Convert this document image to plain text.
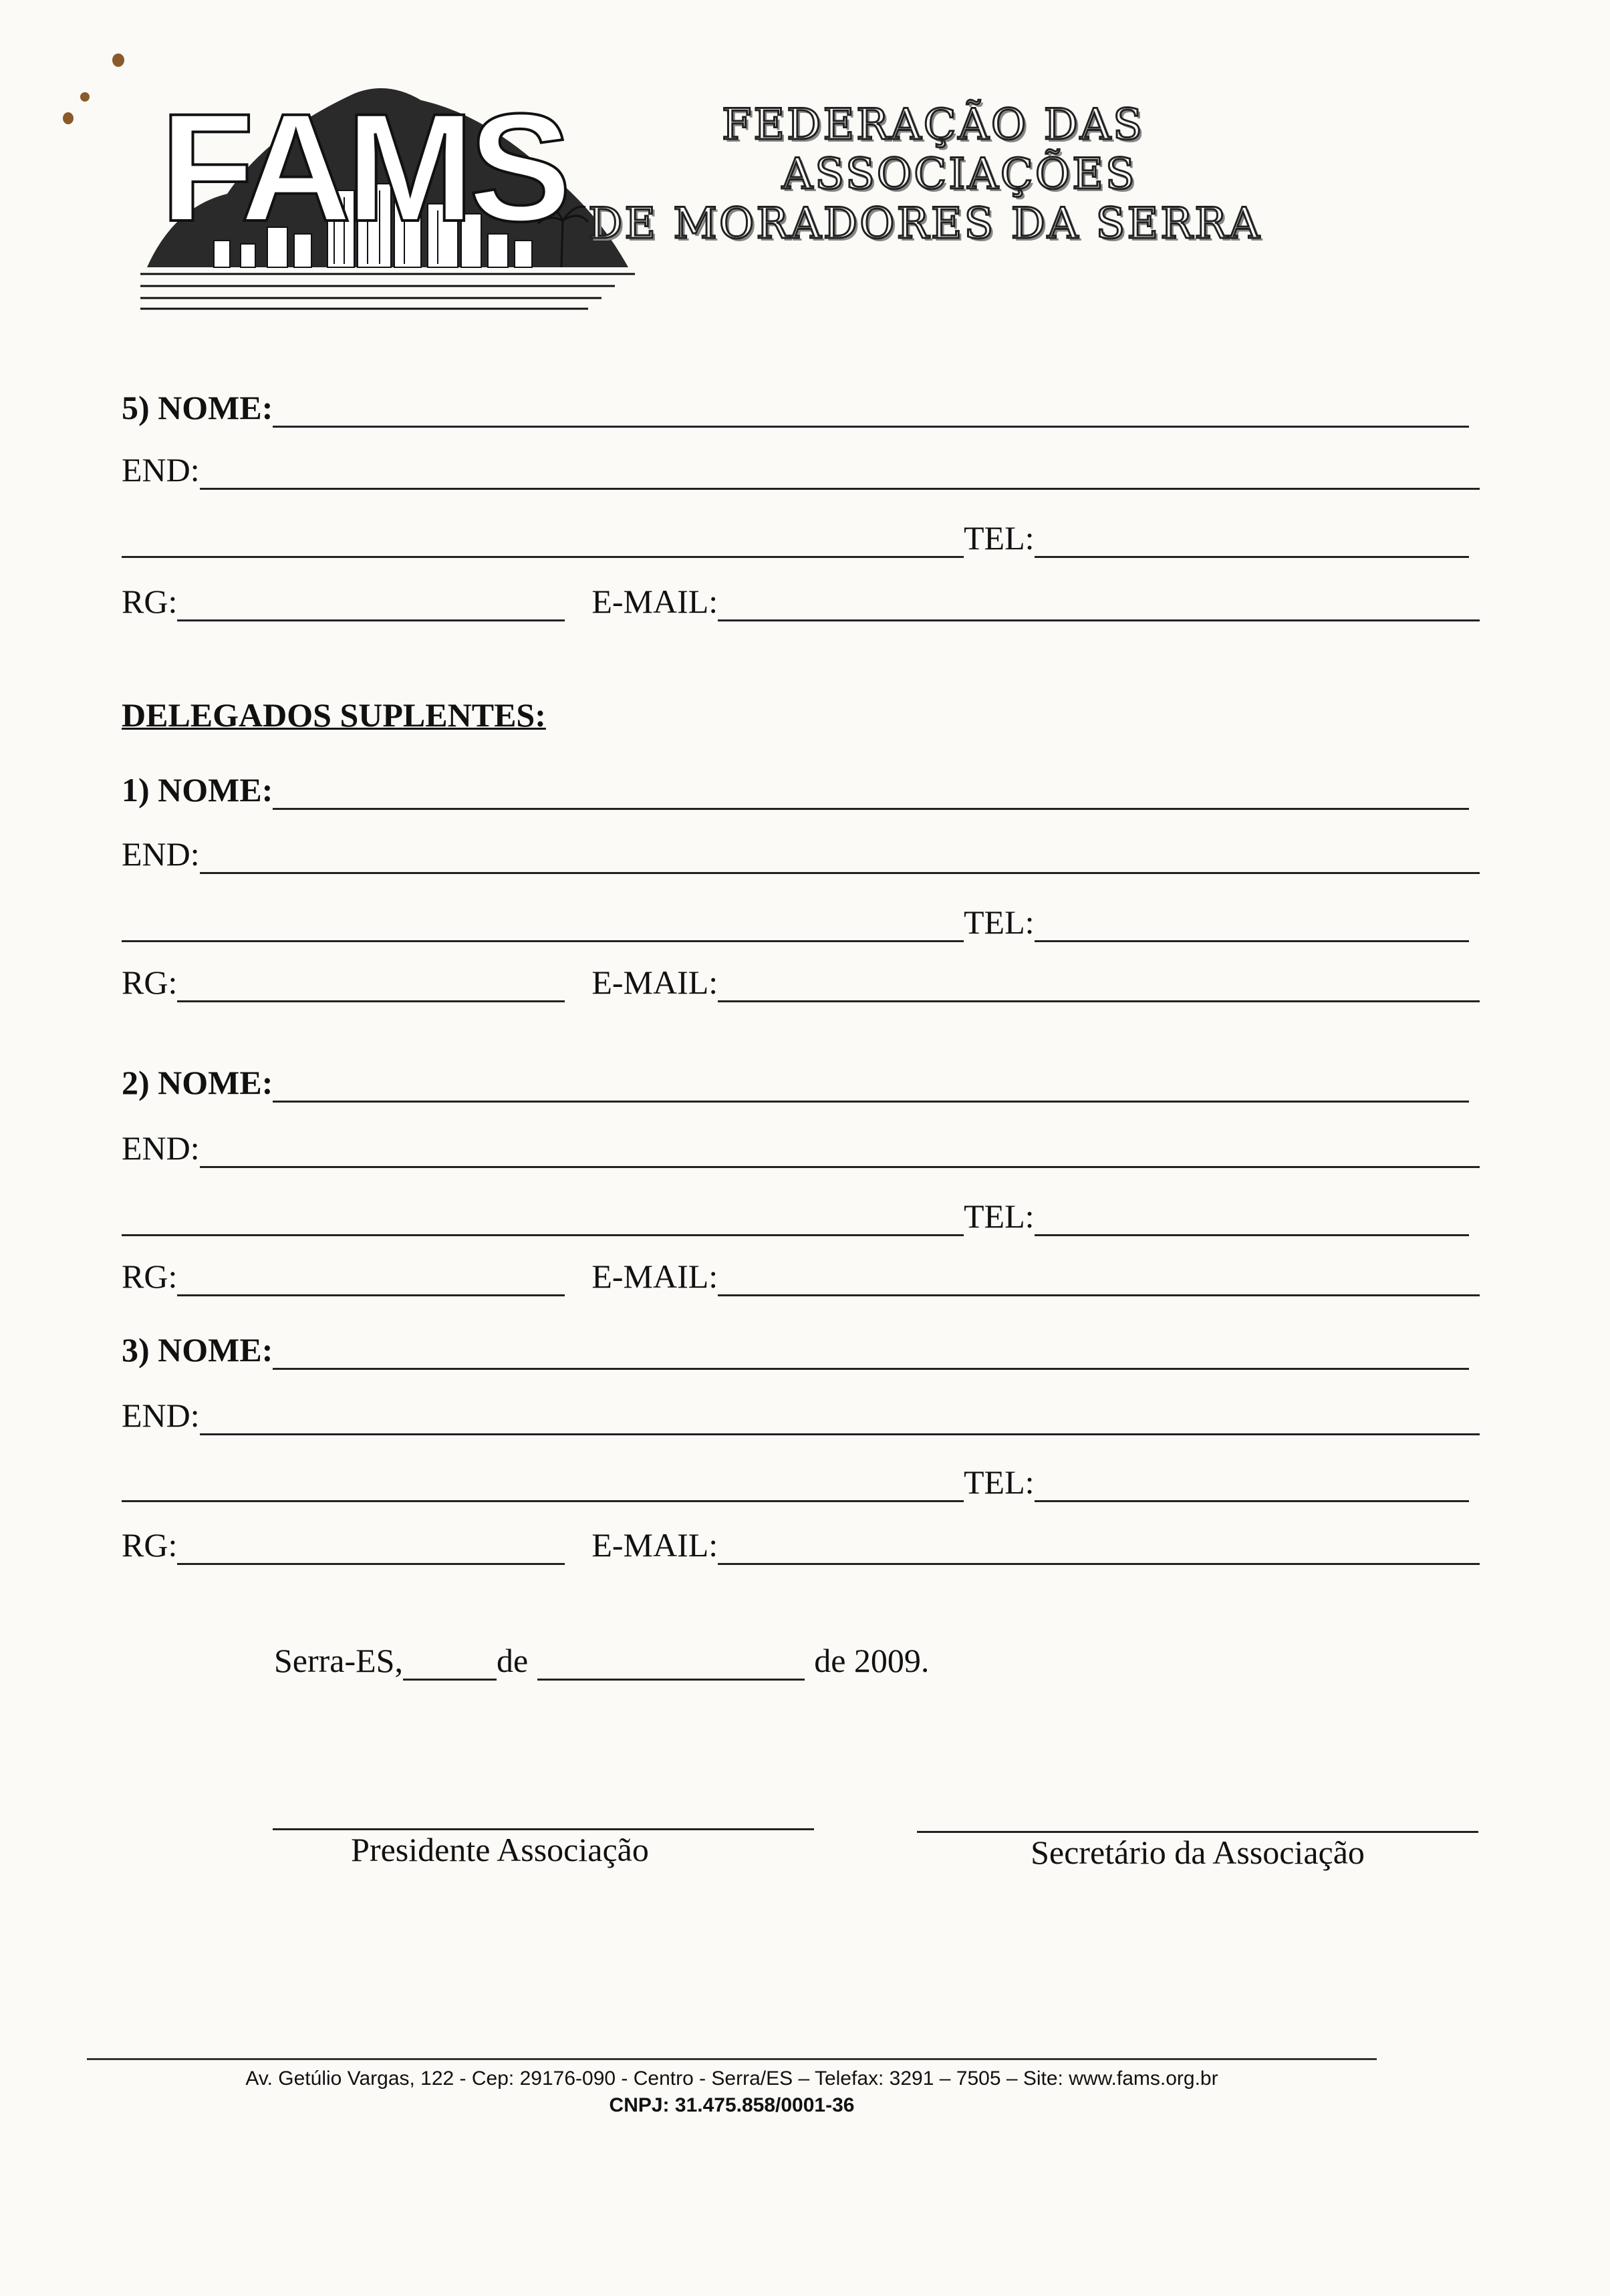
FAMS	FEDERAÇÃO DAS
ASSOCIAÇÕES
DE MORADORES DA SERRA
5) NOME:
END:
TEL:
RG:	E-MAIL:
DELEGADOS SUPLENTES:
1) NOME:
END:
TEL:
RG:	E-MAIL:
2) NOME:
END:
TEL:
RG:	E-MAIL:
3) NOME:
END:
TEL:
RG:	E-MAIL:
Serra-ES,	de	de 2009.
Presidente Associação	Secretário da Associação
Av. Getúlio Vargas, 122 - Cep: 29176-090 - Centro - Serra/ES – Telefax: 3291 – 7505 – Site: www.fams.org.br
CNPJ: 31.475.858/0001-36
